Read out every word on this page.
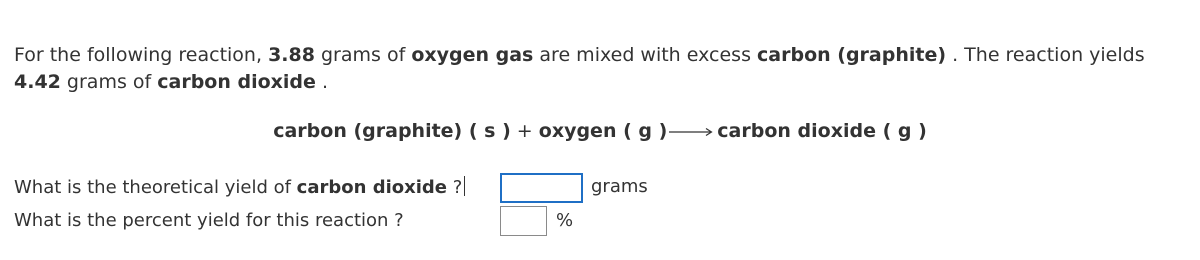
For the following reaction, 3.88 grams of oxygen gas are mixed with excess carbon (graphite) . The reaction yields
4.42 grams of carbon dioxide .
carbon (graphite) ( s ) + oxygen ( g ) → carbon dioxide ( g )
What is the theoretical yield of carbon dioxide ?	grams
What is the percent yield for this reaction ?	%
